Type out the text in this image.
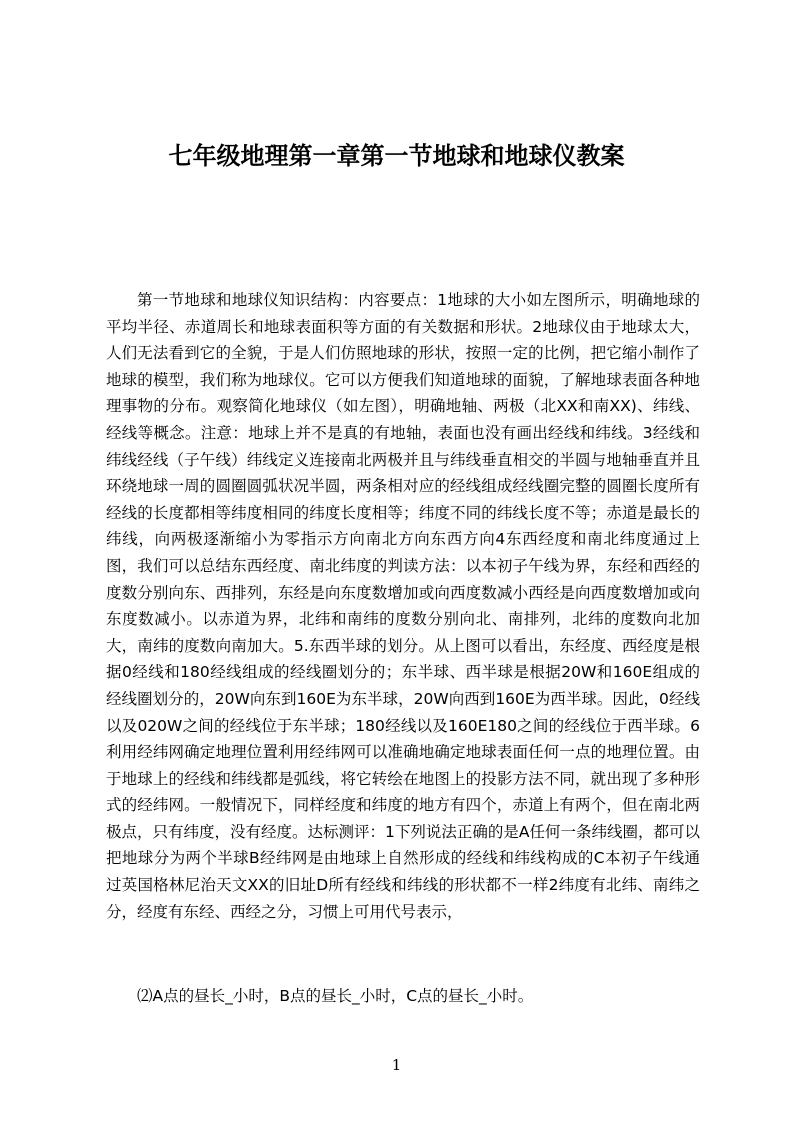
七年级地理第一章第一节地球和地球仪教案

第一节地球和地球仪知识结构：内容要点：1地球的大小如左图所示，明确地球的平均半径、赤道周长和地球表面积等方面的有关数据和形状。2地球仪由于地球太大，人们无法看到它的全貌，于是人们仿照地球的形状，按照一定的比例，把它缩小制作了地球的模型，我们称为地球仪。它可以方便我们知道地球的面貌，了解地球表面各种地理事物的分布。观察简化地球仪（如左图），明确地轴、两极（北XX和南XX)、纬线、经线等概念。注意：地球上并不是真的有地轴，表面也没有画出经线和纬线。3经线和纬线经线（子午线）纬线定义连接南北两极并且与纬线垂直相交的半圆与地轴垂直并且环绕地球一周的圆圈圆弧状况半圆，两条相对应的经线组成经线圈完整的圆圈长度所有经线的长度都相等纬度相同的纬度长度相等；纬度不同的纬线长度不等；赤道是最长的纬线，向两极逐渐缩小为零指示方向南北方向东西方向4东西经度和南北纬度通过上图，我们可以总结东西经度、南北纬度的判读方法：以本初子午线为界，东经和西经的度数分别向东、西排列，东经是向东度数增加或向西度数减小西经是向西度数增加或向东度数减小。以赤道为界，北纬和南纬的度数分别向北、南排列，北纬的度数向北加大，南纬的度数向南加大。5.东西半球的划分。从上图可以看出，东经度、西经度是根据0经线和180经线组成的经线圈划分的；东半球、西半球是根据20W和160E组成的经线圈划分的，20W向东到160E为东半球，20W向西到160E为西半球。因此，0经线以及020W之间的经线位于东半球；180经线以及160E180之间的经线位于西半球。6利用经纬网确定地理位置利用经纬网可以准确地确定地球表面任何一点的地理位置。由于地球上的经线和纬线都是弧线，将它转绘在地图上的投影方法不同，就出现了多种形式的经纬网。一般情况下，同样经度和纬度的地方有四个，赤道上有两个，但在南北两极点，只有纬度，没有经度。达标测评：1下列说法正确的是A任何一条纬线圈，都可以把地球分为两个半球B经纬网是由地球上自然形成的经线和纬线构成的C本初子午线通过英国格林尼治天文XX的旧址D所有经线和纬线的形状都不一样2纬度有北纬、南纬之分，经度有东经、西经之分，习惯上可用代号表示，

⑵A点的昼长_小时，B点的昼长_小时，C点的昼长_小时。

1
